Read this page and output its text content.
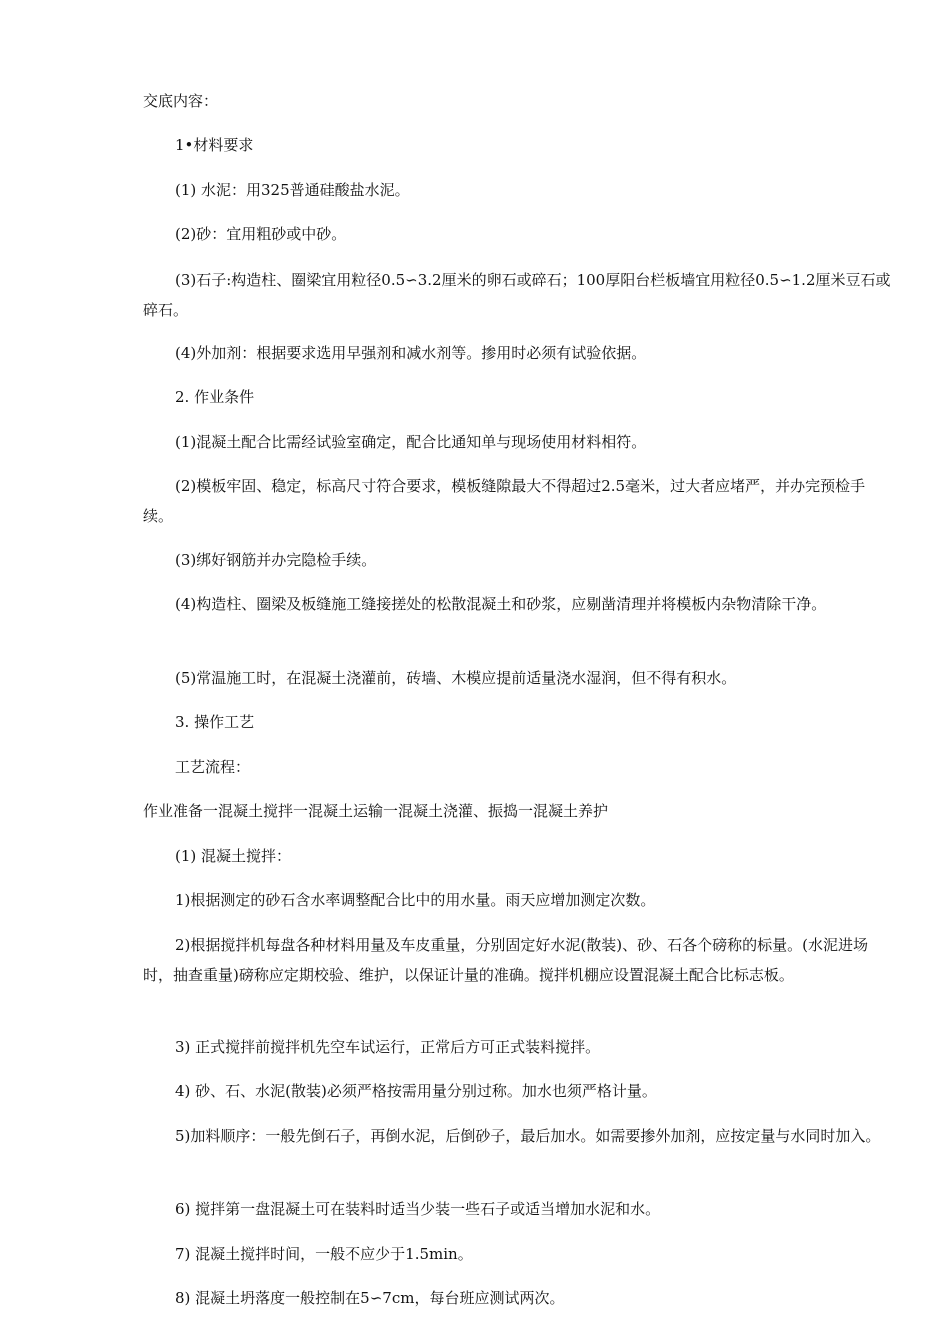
交底内容：

1•材料要求

(1) 水泥：用325普通硅酸盐水泥。

(2)砂：宜用粗砂或中砂。

(3)石子:构造柱、圈梁宜用粒径0.5∽3.2厘米的卵石或碎石；100厚阳台栏板墙宜用粒径0.5∽1.2厘米豆石或碎石。

(4)外加剂：根据要求选用早强剂和减水剂等。掺用时必须有试验依据。

2. 作业条件

(1)混凝土配合比需经试验室确定，配合比通知单与现场使用材料相符。

(2)模板牢固、稳定，标高尺寸符合要求，模板缝隙最大不得超过2.5毫米，过大者应堵严，并办完预检手续。

(3)绑好钢筋并办完隐检手续。

(4)构造柱、圈梁及板缝施工缝接搓处的松散混凝土和砂浆，应剔凿清理并将模板内杂物清除干净。

(5)常温施工时，在混凝土浇灌前，砖墙、木模应提前适量浇水湿润，但不得有积水。

3. 操作工艺

工艺流程：

作业准备一混凝土搅拌一混凝土运输一混凝土浇灌、振捣一混凝土养护

(1) 混凝土搅拌：

1)根据测定的砂石含水率调整配合比中的用水量。雨天应增加测定次数。

2)根据搅拌机每盘各种材料用量及车皮重量，分别固定好水泥(散装)、砂、石各个磅称的标量。(水泥进场时，抽查重量)磅称应定期校验、维护，以保证计量的准确。搅拌机棚应设置混凝土配合比标志板。

3) 正式搅拌前搅拌机先空车试运行，正常后方可正式装料搅拌。

4) 砂、石、水泥(散装)必须严格按需用量分别过称。加水也须严格计量。

5)加料顺序：一般先倒石子，再倒水泥，后倒砂子，最后加水。如需要掺外加剂，应按定量与水同时加入。

6) 搅拌第一盘混凝土可在装料时适当少装一些石子或适当增加水泥和水。

7) 混凝土搅拌时间，一般不应少于1.5min。

8) 混凝土坍落度一般控制在5∽7cm，每台班应测试两次。
